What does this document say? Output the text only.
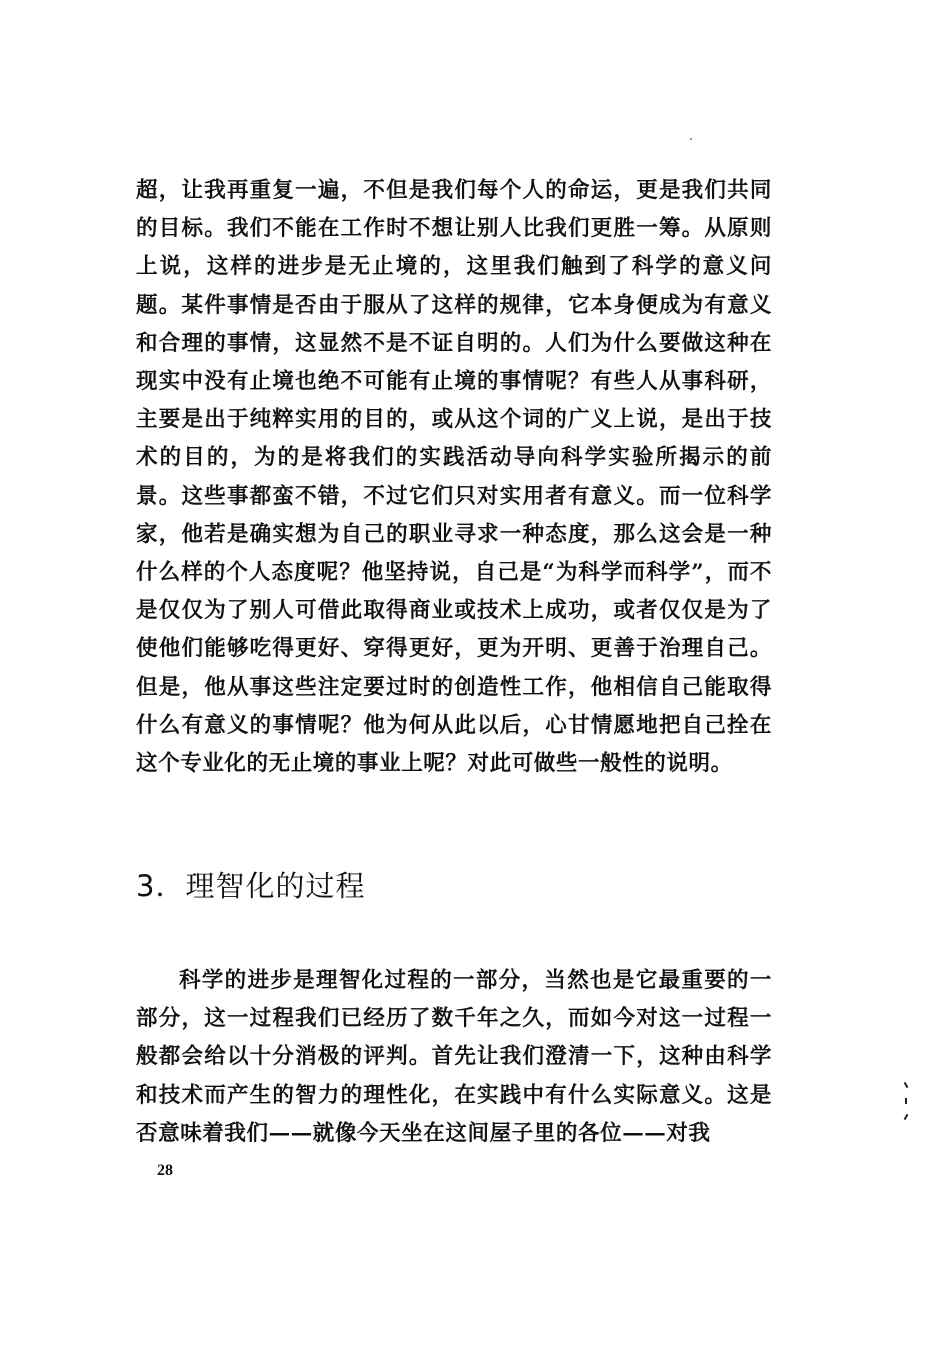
超，让我再重复一遍，不但是我们每个人的命运，更是我们共同的目标。我们不能在工作时不想让别人比我们更胜一筹。从原则上说，这样的进步是无止境的，这里我们触到了科学的意义问题。某件事情是否由于服从了这样的规律，它本身便成为有意义和合理的事情，这显然不是不证自明的。人们为什么要做这种在现实中没有止境也绝不可能有止境的事情呢？有些人从事科研，主要是出于纯粹实用的目的，或从这个词的广义上说，是出于技术的目的，为的是将我们的实践活动导向科学实验所揭示的前景。这些事都蛮不错，不过它们只对实用者有意义。而一位科学家，他若是确实想为自己的职业寻求一种态度，那么这会是一种什么样的个人态度呢？他坚持说，自己是“为科学而科学”，而不是仅仅为了别人可借此取得商业或技术上成功，或者仅仅是为了使他们能够吃得更好、穿得更好，更为开明、更善于治理自己。但是，他从事这些注定要过时的创造性工作，他相信自己能取得什么有意义的事情呢？他为何从此以后，心甘情愿地把自己拴在这个专业化的无止境的事业上呢？对此可做些一般性的说明。

3．理智化的过程

科学的进步是理智化过程的一部分，当然也是它最重要的一部分，这一过程我们已经历了数千年之久，而如今对这一过程一般都会给以十分消极的评判。首先让我们澄清一下，这种由科学和技术而产生的智力的理性化，在实践中有什么实际意义。这是否意味着我们——就像今天坐在这间屋子里的各位——对我

28
